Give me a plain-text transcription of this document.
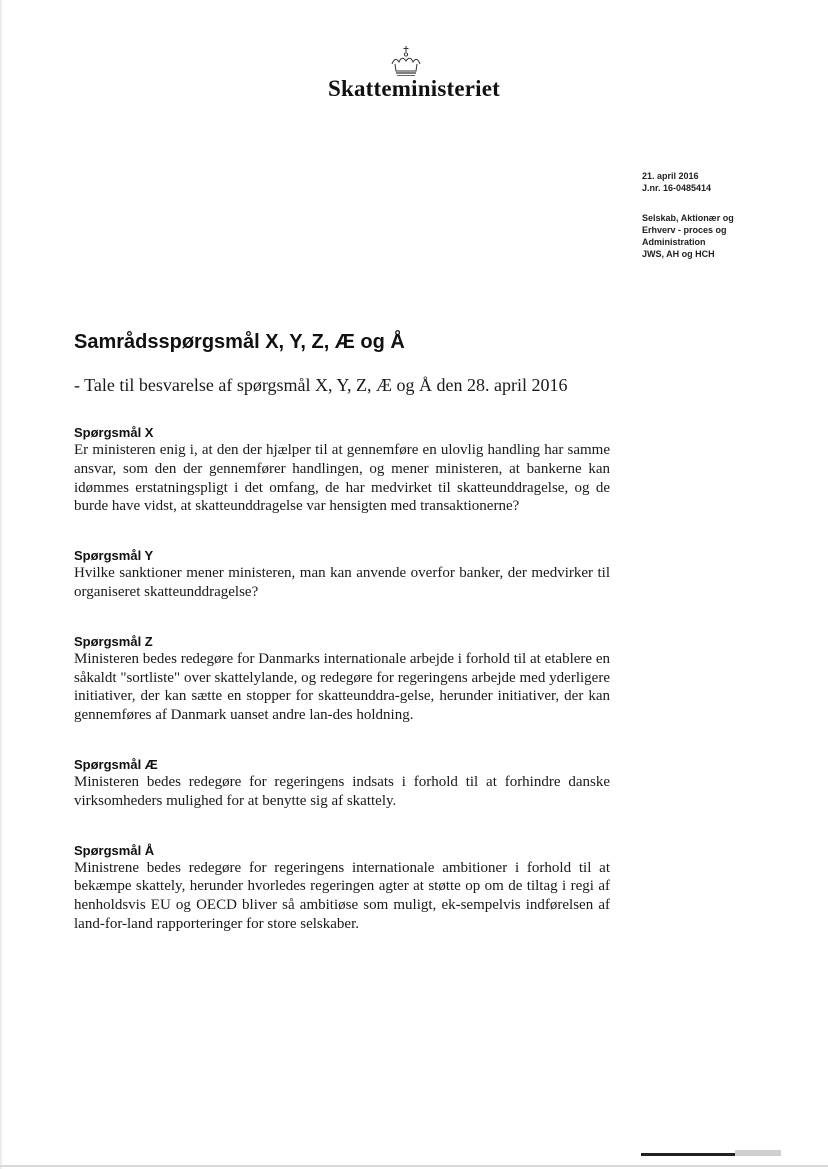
Skatteministeriet
21. april 2016
J.nr. 16-0485414
Selskab, Aktionær og
Erhverv - proces og
Administration
JWS, AH og HCH
Samrådsspørgsmål X, Y, Z, Æ og Å
- Tale til besvarelse af spørgsmål X, Y, Z, Æ og Å den 28. april 2016
Spørgsmål X

Er ministeren enig i, at den der hjælper til at gennemføre en ulovlig handling har samme ansvar, som den der gennemfører handlingen, og mener ministeren, at bankerne kan idømmes erstatningspligt i det omfang, de har medvirket til skatteunddragelse, og de burde have vidst, at skatteunddragelse var hensigten med transaktionerne?

Spørgsmål Y

Hvilke sanktioner mener ministeren, man kan anvende overfor banker, der medvirker til organiseret skatteunddragelse?

Spørgsmål Z

Ministeren bedes redegøre for Danmarks internationale arbejde i forhold til at etablere en såkaldt "sortliste" over skattelylande, og redegøre for regeringens arbejde med yderligere initiativer, der kan sætte en stopper for skatteunddra-gelse, herunder initiativer, der kan gennemføres af Danmark uanset andre lan-des holdning.

Spørgsmål Æ

Ministeren bedes redegøre for regeringens indsats i forhold til at forhindre danske virksomheders mulighed for at benytte sig af skattely.

Spørgsmål Å

Ministrene bedes redegøre for regeringens internationale ambitioner i forhold til at bekæmpe skattely, herunder hvorledes regeringen agter at støtte op om de tiltag i regi af henholdsvis EU og OECD bliver så ambitiøse som muligt, ek-sempelvis indførelsen af land-for-land rapporteringer for store selskaber.
